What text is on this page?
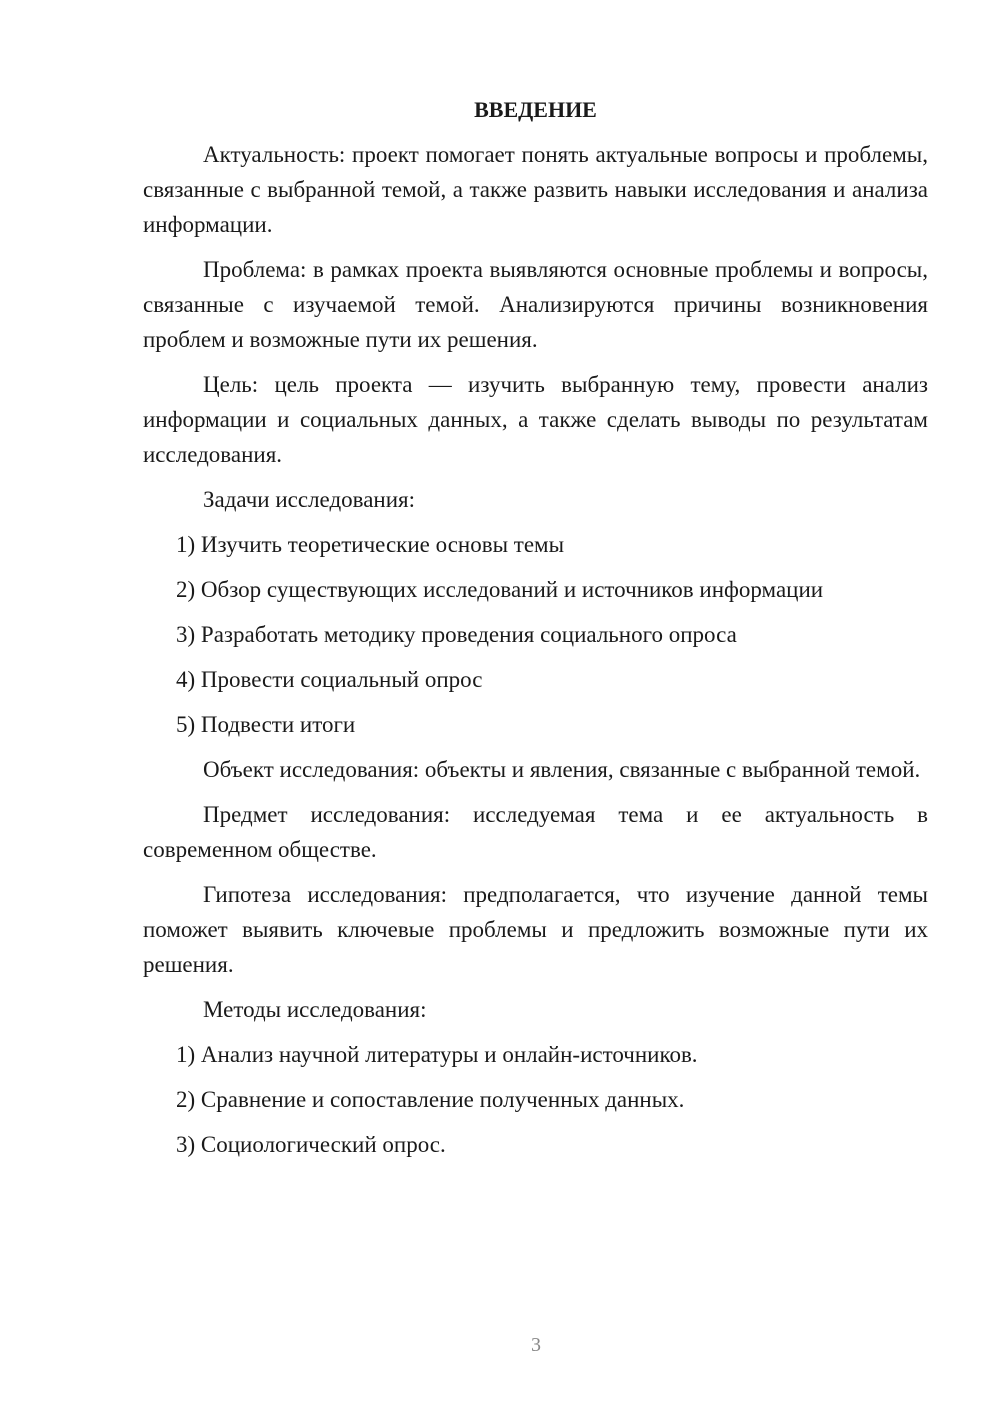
ВВЕДЕНИЕ

Актуальность: проект помогает понять актуальные вопросы и проблемы, связанные с выбранной темой, а также развить навыки исследования и анализа информации.

Проблема: в рамках проекта выявляются основные проблемы и вопросы, связанные с изучаемой темой. Анализируются причины возникновения проблем и возможные пути их решения.

Цель: цель проекта — изучить выбранную тему, провести анализ информации и социальных данных, а также сделать выводы по результатам исследования.

Задачи исследования:

1) Изучить теоретические основы темы
2) Обзор существующих исследований и источников информации
3) Разработать методику проведения социального опроса
4) Провести социальный опрос
5) Подвести итоги

Объект исследования: объекты и явления, связанные с выбранной темой.

Предмет исследования: исследуемая тема и ее актуальность в современном обществе.

Гипотеза исследования: предполагается, что изучение данной темы поможет выявить ключевые проблемы и предложить возможные пути их решения.

Методы исследования:

1) Анализ научной литературы и онлайн-источников.
2) Сравнение и сопоставление полученных данных.
3) Социологический опрос.
3
